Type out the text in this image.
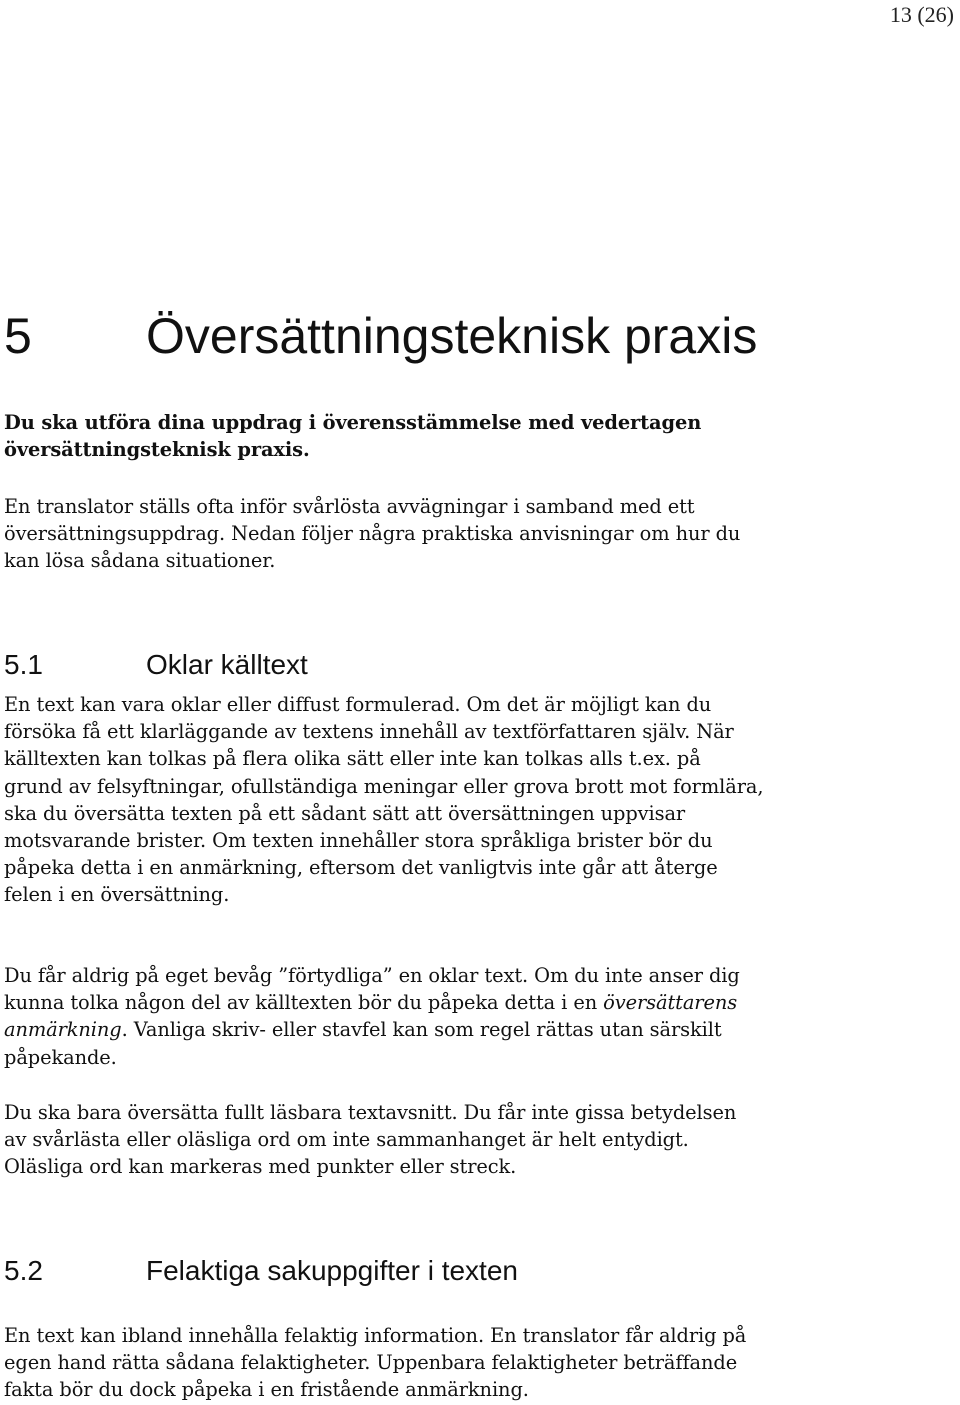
13 (26)
5 Översättningsteknisk praxis

Du ska utföra dina uppdrag i överensstämmelse med vedertagen översättningsteknisk praxis.

En translator ställs ofta inför svårlösta avvägningar i samband med ett översättningsuppdrag. Nedan följer några praktiska anvisningar om hur du kan lösa sådana situationer.

5.1	Oklar källtext

En text kan vara oklar eller diffust formulerad. Om det är möjligt kan du försöka få ett klarläggande av textens innehåll av textförfattaren själv. När källtexten kan tolkas på flera olika sätt eller inte kan tolkas alls t.ex. på grund av felsyftningar, ofullständiga meningar eller grova brott mot formlära, ska du översätta texten på ett sådant sätt att översättningen uppvisar motsvarande brister. Om texten innehåller stora språkliga brister bör du påpeka detta i en anmärkning, eftersom det vanligtvis inte går att återge felen i en översättning.

Du får aldrig på eget bevåg ”förtydliga” en oklar text. Om du inte anser dig kunna tolka någon del av källtexten bör du påpeka detta i en översättarens anmärkning. Vanliga skriv- eller stavfel kan som regel rättas utan särskilt påpekande.

Du ska bara översätta fullt läsbara textavsnitt. Du får inte gissa betydelsen av svårlästa eller oläsliga ord om inte sammanhanget är helt entydigt. Oläsliga ord kan markeras med punkter eller streck.

5.2	Felaktiga sakuppgifter i texten

En text kan ibland innehålla felaktig information. En translator får aldrig på egen hand rätta sådana felaktigheter. Uppenbara felaktigheter beträffande fakta bör du dock påpeka i en fristående anmärkning.
